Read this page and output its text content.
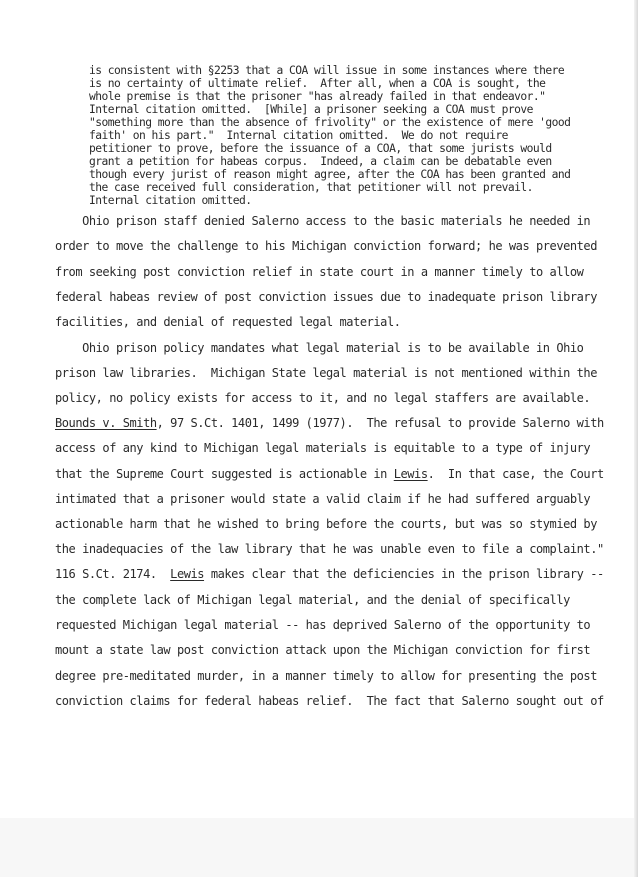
is consistent with §2253 that a COA will issue in some instances where there
is no certainty of ultimate relief.  After all, when a COA is sought, the
whole premise is that the prisoner "has already failed in that endeavor."
Internal citation omitted.  [While] a prisoner seeking a COA must prove
"something more than the absence of frivolity" or the existence of mere 'good
faith' on his part."  Internal citation omitted.  We do not require
petitioner to prove, before the issuance of a COA, that some jurists would
grant a petition for habeas corpus.  Indeed, a claim can be debatable even
though every jurist of reason might agree, after the COA has been granted and
the case received full consideration, that petitioner will not prevail.
Internal citation omitted.
Ohio prison staff denied Salerno access to the basic materials he needed in
order to move the challenge to his Michigan conviction forward; he was prevented
from seeking post conviction relief in state court in a manner timely to allow
federal habeas review of post conviction issues due to inadequate prison library
facilities, and denial of requested legal material.
Ohio prison policy mandates what legal material is to be available in Ohio
prison law libraries.  Michigan State legal material is not mentioned within the
policy, no policy exists for access to it, and no legal staffers are available.
Bounds v. Smith, 97 S.Ct. 1401, 1499 (1977).  The refusal to provide Salerno with
access of any kind to Michigan legal materials is equitable to a type of injury
that the Supreme Court suggested is actionable in Lewis.  In that case, the Court
intimated that a prisoner would state a valid claim if he had suffered arguably
actionable harm that he wished to bring before the courts, but was so stymied by
the inadequacies of the law library that he was unable even to file a complaint."
116 S.Ct. 2174.  Lewis makes clear that the deficiencies in the prison library --
the complete lack of Michigan legal material, and the denial of specifically
requested Michigan legal material -- has deprived Salerno of the opportunity to
mount a state law post conviction attack upon the Michigan conviction for first
degree pre-meditated murder, in a manner timely to allow for presenting the post
conviction claims for federal habeas relief.  The fact that Salerno sought out of
